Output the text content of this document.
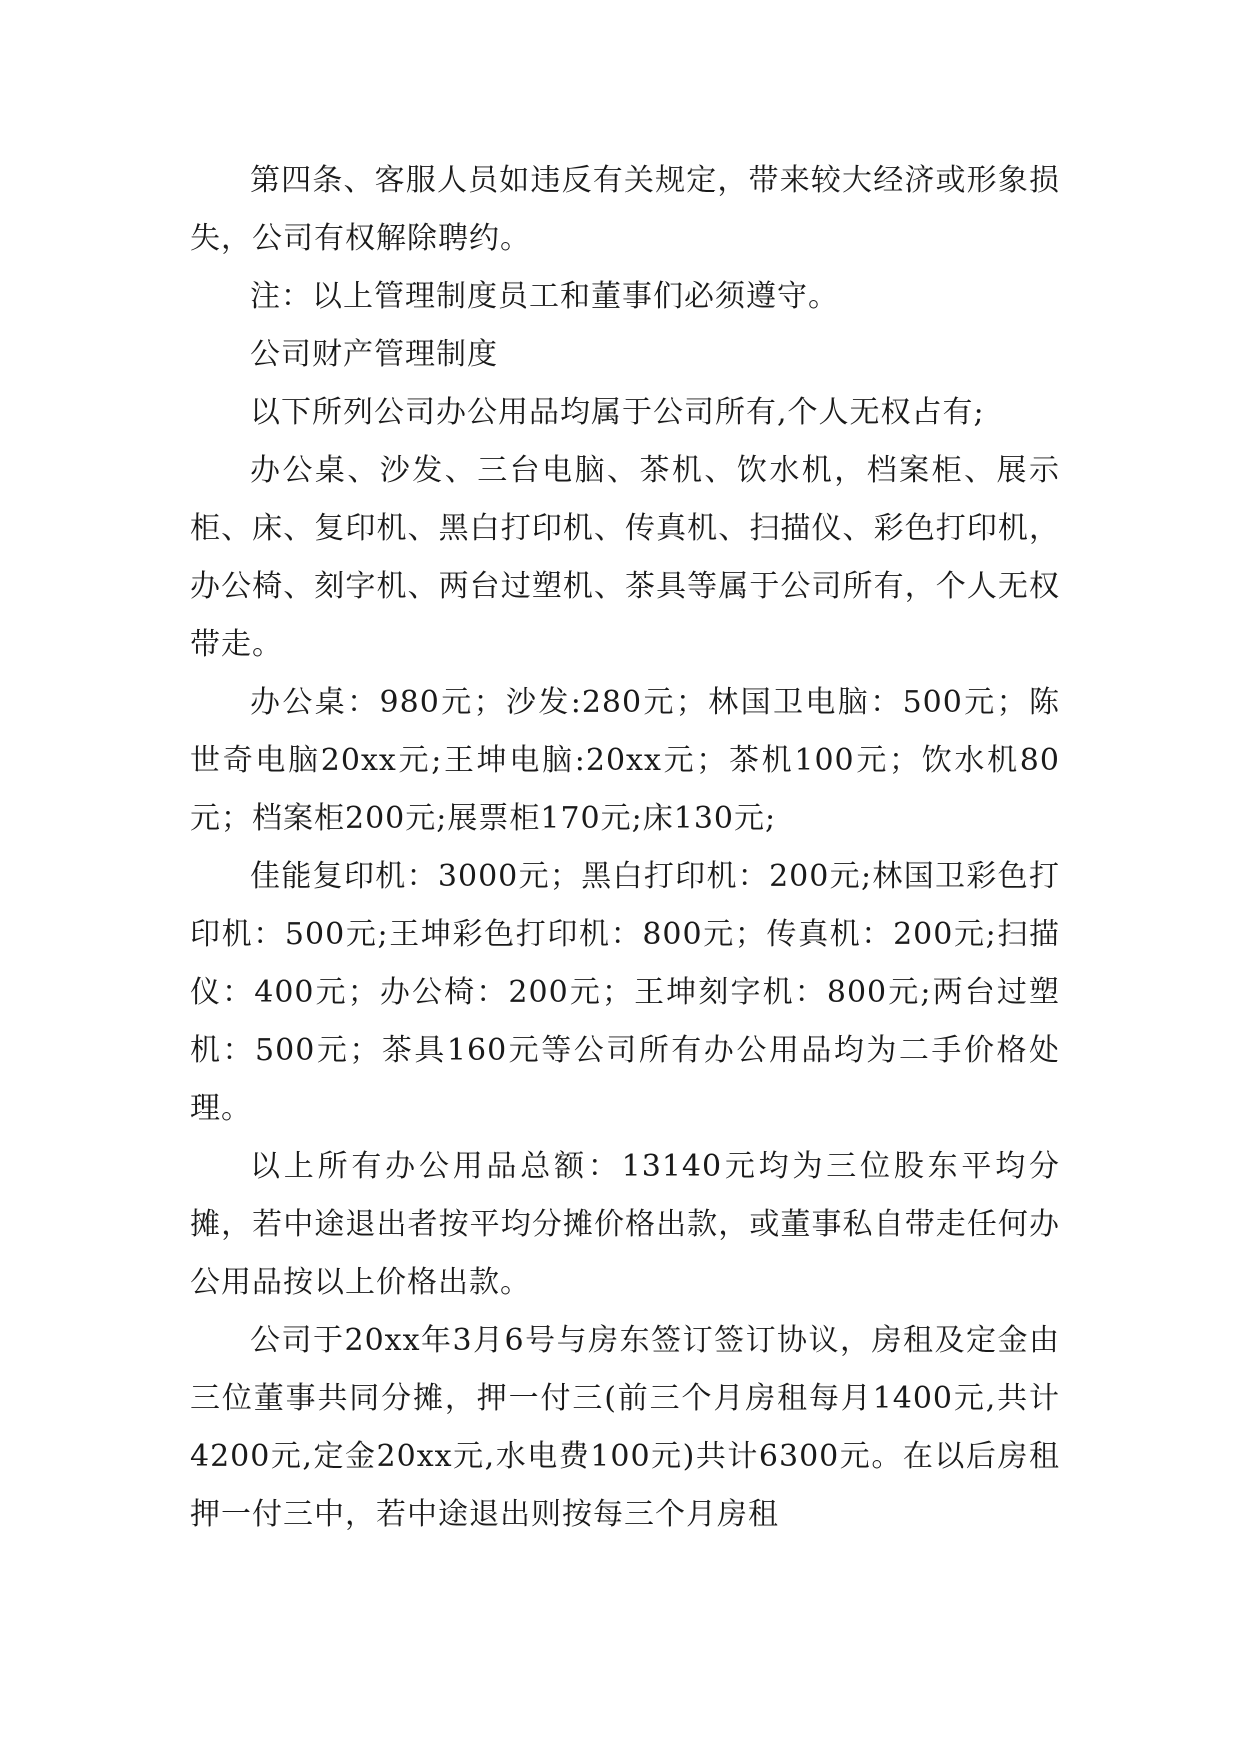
第四条、客服人员如违反有关规定，带来较大经济或形象损失，公司有权解除聘约。

注：以上管理制度员工和董事们必须遵守。

公司财产管理制度

以下所列公司办公用品均属于公司所有,个人无权占有;

办公桌、沙发、三台电脑、茶机、饮水机，档案柜、展示柜、床、复印机、黑白打印机、传真机、扫描仪、彩色打印机，办公椅、刻字机、两台过塑机、茶具等属于公司所有，个人无权带走。

办公桌：980元；沙发:280元；林国卫电脑：500元；陈世奇电脑20xx元;王坤电脑:20xx元；茶机100元；饮水机80元；档案柜200元;展票柜170元;床130元;

佳能复印机：3000元；黑白打印机：200元;林国卫彩色打印机：500元;王坤彩色打印机：800元；传真机：200元;扫描仪：400元；办公椅：200元；王坤刻字机：800元;两台过塑机：500元；茶具160元等公司所有办公用品均为二手价格处理。

以上所有办公用品总额：13140元均为三位股东平均分摊，若中途退出者按平均分摊价格出款，或董事私自带走任何办公用品按以上价格出款。

公司于20xx年3月6号与房东签订签订协议，房租及定金由三位董事共同分摊，押一付三(前三个月房租每月1400元,共计4200元,定金20xx元,水电费100元)共计6300元。在以后房租押一付三中，若中途退出则按每三个月房租
